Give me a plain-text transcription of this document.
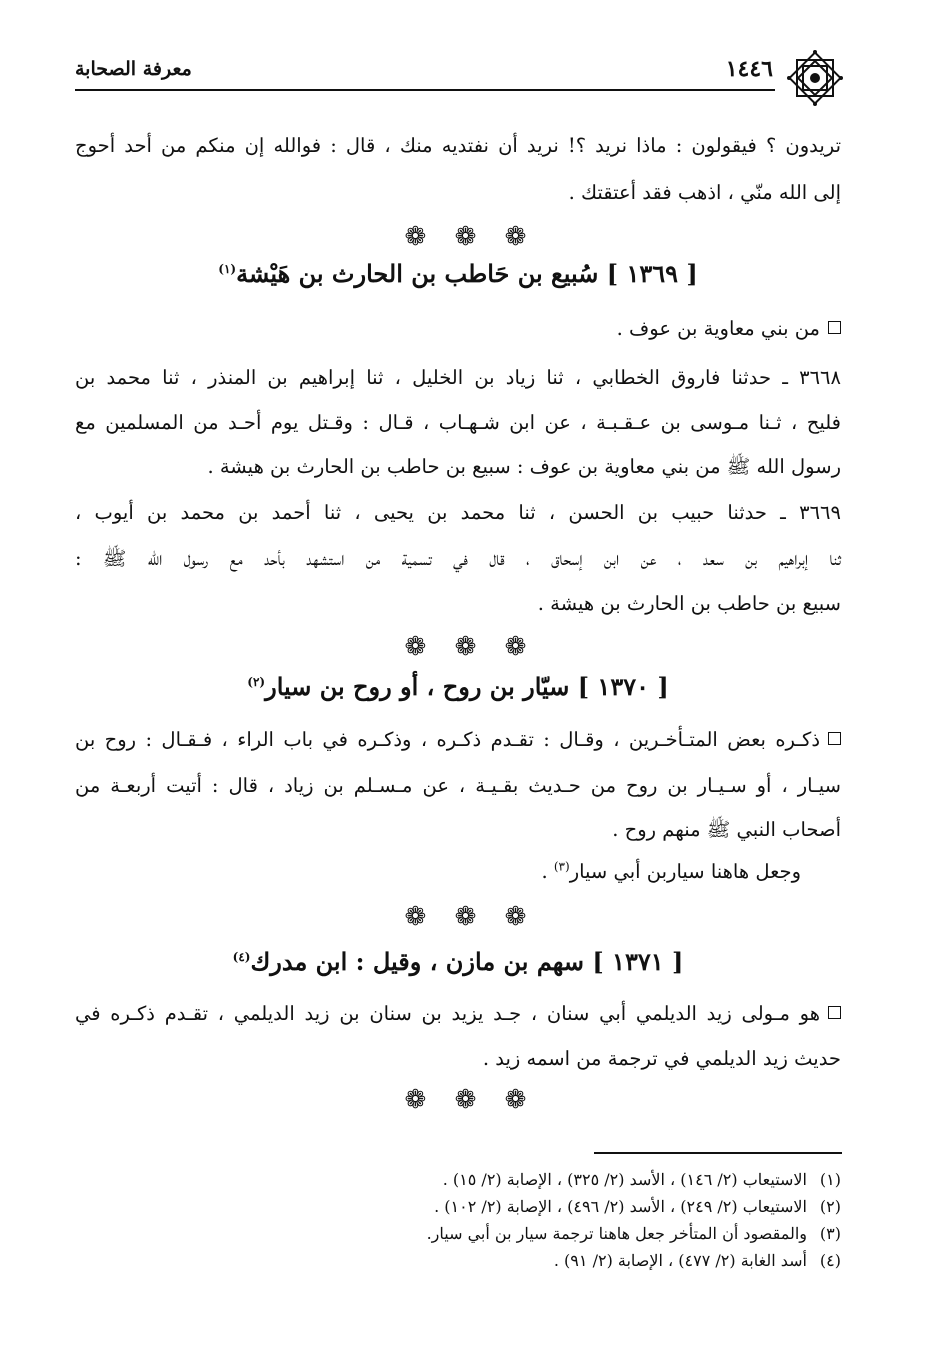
معرفة الصحابة	١٤٤٦
تريدون ؟ فيقولون : ماذا نريد ؟! نريد أن نفتديه منك ، قال : فوالله إن منكم من أحد أحوج
إلى الله منّي ، اذهب فقد أعتقتك .
❁ ❁ ❁
[ ١٣٦٩ ] سُبيع بن حَاطب بن الحارث بن هَيْشة$^{(١)}$
من بني معاوية بن عوف .
٣٦٦٨ ـ حدثنا فاروق الخطابي ، ثنا زياد بن الخليل ، ثنا إبراهيم بن المنذر ، ثنا محمد بن
فليح ، ثـنا مـوسى بن عـقـبـة ، عن ابن شـهـاب ، قـال : وقـتل يوم أحـد من المسلمين مع
رسول الله ﷺ من بني معاوية بن عوف : سبيع بن حاطب بن الحارث بن هيشة .
٣٦٦٩ ـ حدثنا حبيب بن الحسن ، ثنا محمد بن يحيى ، ثنا أحمد بن محمد بن أيوب ،
ثنا إبراهيم بن سعد ، عن ابن إسحاق ، قال في تسمية من استشهد بأحد مع رسول الله ﷺ :
سبيع بن حاطب بن الحارث بن هيشة .
❁ ❁ ❁
[ ١٣٧٠ ] سيّار بن روح ، أو روح بن سيار$^{(٢)}$
ذكـره بعض المتـأخـرين ، وقـال : تقـدم ذكـره ، وذكـره في باب الراء ، فـقـال : روح بن
سيـار ، أو سـيـار بن روح من حـديث بقـيـة ، عن مـسـلم بن زياد ، قال : أتيت أربعـة من
أصحاب النبي ﷺ منهم روح .
وجعل هاهنا سياربن أبي سيار$^{(٣)}$ .
❁ ❁ ❁
[ ١٣٧١ ] سهم بن مازن ، وقيل : ابن مدرك$^{(٤)}$
هو مـولى زيد الديلمي أبي سنان ، جـد يزيد بن سنان بن زيد الديلمي ، تقـدم ذكـره في
حديث زيد الديلمي في ترجمة من اسمه زيد .
❁ ❁ ❁
(١)الاستيعاب (٢/ ١٤٦) ، الأسد (٢/ ٣٢٥) ، الإصابة (٢/ ١٥) .
(٢)الاستيعاب (٢/ ٢٤٩) ، الأسد (٢/ ٤٩٦) ، الإصابة (٢/ ١٠٢) .
(٣)والمقصود أن المتأخر جعل هاهنا ترجمة سيار بن أبي سيار.
(٤)أسد الغابة (٢/ ٤٧٧) ، الإصابة (٢/ ٩١) .
